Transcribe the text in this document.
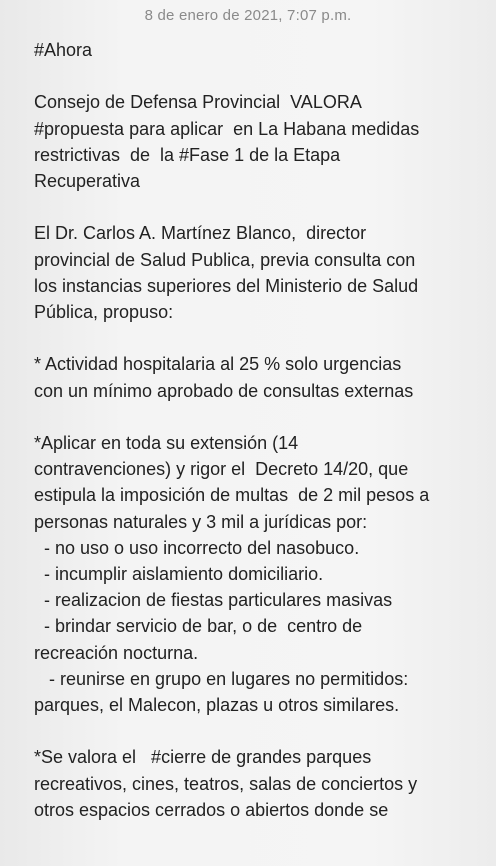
8 de enero de 2021, 7:07 p.m.
#Ahora
Consejo de Defensa Provincial  VALORA
#propuesta para aplicar  en La Habana medidas
restrictivas  de  la #Fase 1 de la Etapa
Recuperativa
El Dr. Carlos A. Martínez Blanco,  director
provincial de Salud Publica, previa consulta con
los instancias superiores del Ministerio de Salud
Pública, propuso:
* Actividad hospitalaria al 25 % solo urgencias
con un mínimo aprobado de consultas externas
*Aplicar en toda su extensión (14
contravenciones) y rigor el  Decreto 14/20, que
estipula la imposición de multas  de 2 mil pesos a
personas naturales y 3 mil a jurídicas por:
- no uso o uso incorrecto del nasobuco.
- incumplir aislamiento domiciliario.
- realizacion de fiestas particulares masivas
- brindar servicio de bar, o de  centro de
recreación nocturna.
- reunirse en grupo en lugares no permitidos:
parques, el Malecon, plazas u otros similares.
*Se valora el   #cierre de grandes parques
recreativos, cines, teatros, salas de conciertos y
otros espacios cerrados o abiertos donde se
